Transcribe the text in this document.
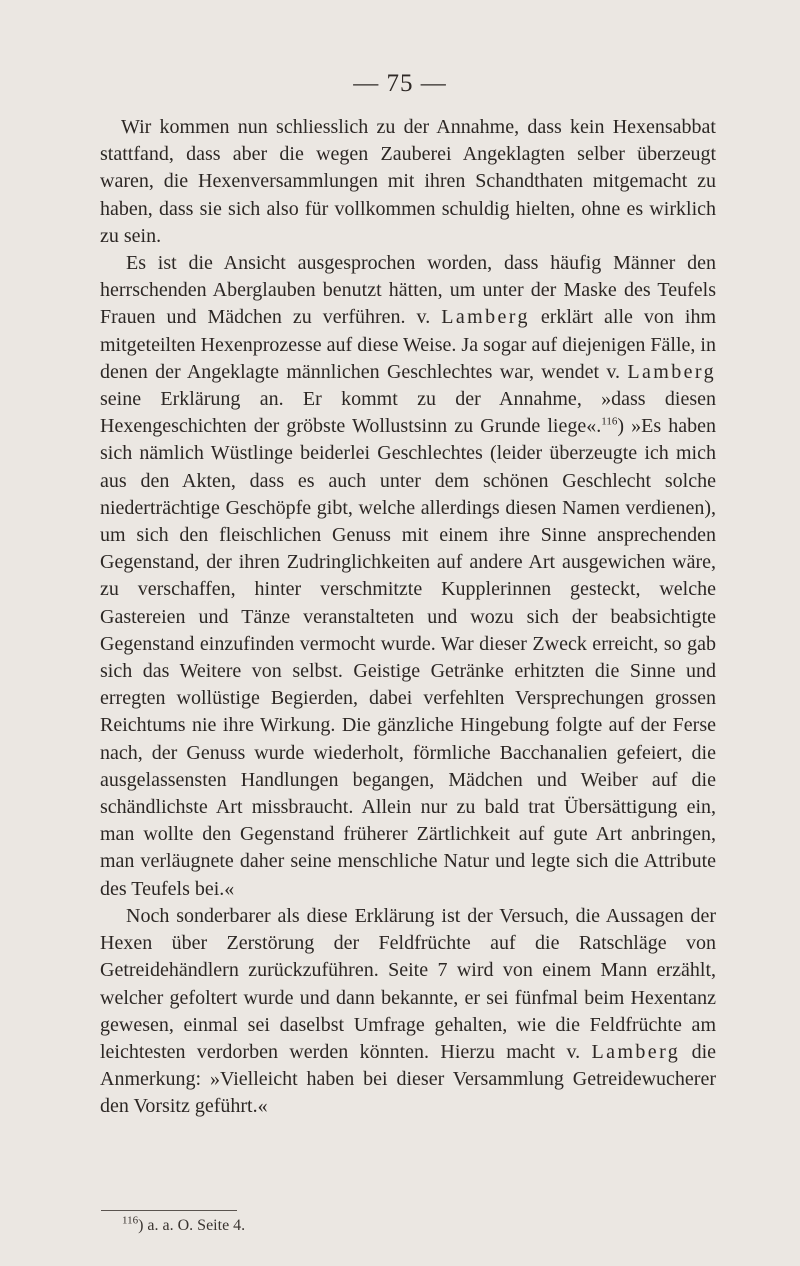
— 75 —

Wir kommen nun schliesslich zu der Annahme, dass kein Hexensabbat stattfand, dass aber die wegen Zauberei Angeklagten selber überzeugt waren, die Hexenversammlungen mit ihren Schandthaten mitgemacht zu haben, dass sie sich also für vollkommen schuldig hielten, ohne es wirklich zu sein.

Es ist die Ansicht ausgesprochen worden, dass häufig Männer den herrschenden Aberglauben benutzt hätten, um unter der Maske des Teufels Frauen und Mädchen zu verführen. v. Lamberg erklärt alle von ihm mitgeteilten Hexenprozesse auf diese Weise. Ja sogar auf diejenigen Fälle, in denen der Angeklagte männlichen Geschlechtes war, wendet v. Lamberg seine Erklärung an. Er kommt zu der Annahme, »dass diesen Hexengeschichten der gröbste Wollustsinn zu Grunde liege«.$^{116}$) »Es haben sich nämlich Wüstlinge beiderlei Geschlechtes (leider überzeugte ich mich aus den Akten, dass es auch unter dem schönen Geschlecht solche niederträchtige Geschöpfe gibt, welche allerdings diesen Namen verdienen), um sich den fleischlichen Genuss mit einem ihre Sinne ansprechenden Gegenstand, der ihren Zudringlichkeiten auf andere Art ausgewichen wäre, zu verschaffen, hinter verschmitzte Kupplerinnen gesteckt, welche Gastereien und Tänze veranstalteten und wozu sich der beabsichtigte Gegenstand einzufinden vermocht wurde. War dieser Zweck erreicht, so gab sich das Weitere von selbst. Geistige Getränke erhitzten die Sinne und erregten wollüstige Begierden, dabei verfehlten Versprechungen grossen Reichtums nie ihre Wirkung. Die gänzliche Hingebung folgte auf der Ferse nach, der Genuss wurde wiederholt, förmliche Bacchanalien gefeiert, die ausgelassensten Handlungen begangen, Mädchen und Weiber auf die schändlichste Art missbraucht. Allein nur zu bald trat Übersättigung ein, man wollte den Gegenstand früherer Zärtlichkeit auf gute Art anbringen, man verläugnete daher seine menschliche Natur und legte sich die Attribute des Teufels bei.«

Noch sonderbarer als diese Erklärung ist der Versuch, die Aussagen der Hexen über Zerstörung der Feldfrüchte auf die Ratschläge von Getreidehändlern zurückzuführen. Seite 7 wird von einem Mann erzählt, welcher gefoltert wurde und dann bekannte, er sei fünfmal beim Hexentanz gewesen, einmal sei daselbst Umfrage gehalten, wie die Feldfrüchte am leichtesten verdorben werden könnten. Hierzu macht v. Lamberg die Anmerkung: »Vielleicht haben bei dieser Versammlung Getreidewucherer den Vorsitz geführt.«

$^{116}$) a. a. O. Seite 4.
